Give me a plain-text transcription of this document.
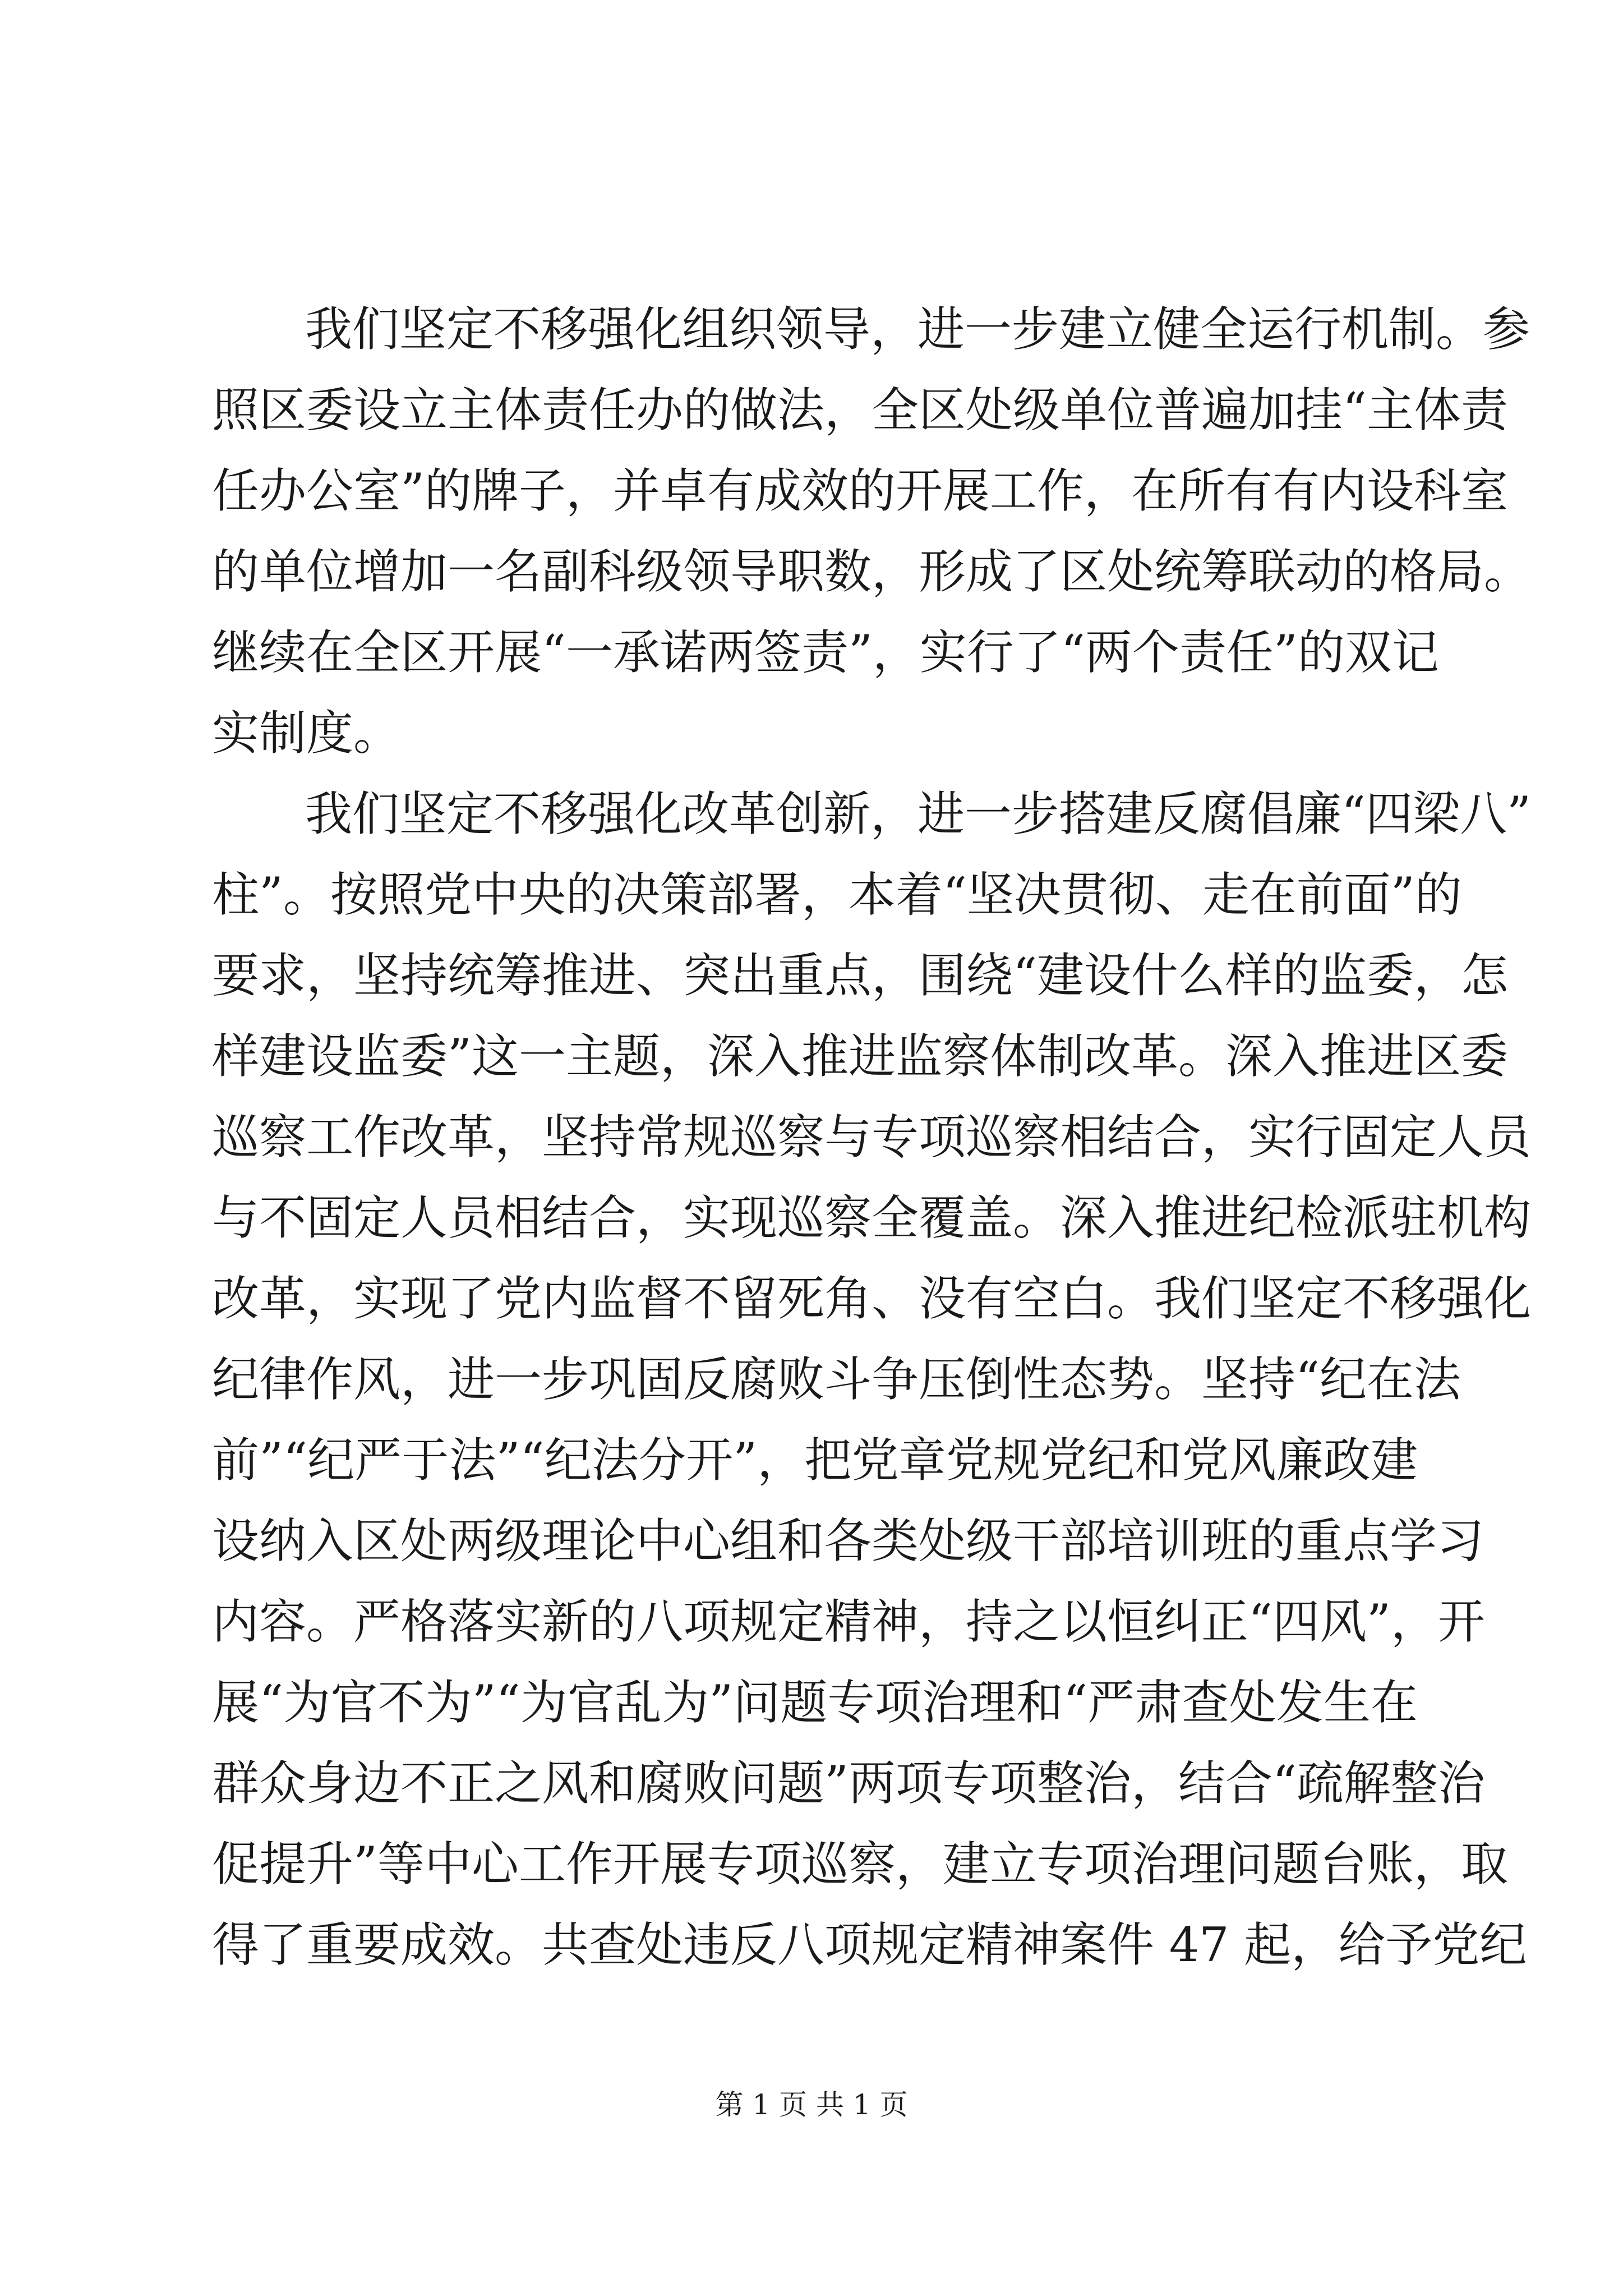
我们坚定不移强化组织领导，进一步建立健全运行机制。参
照区委设立主体责任办的做法，全区处级单位普遍加挂“主体责
任办公室”的牌子，并卓有成效的开展工作，在所有有内设科室
的单位增加一名副科级领导职数，形成了区处统筹联动的格局。
继续在全区开展“一承诺两签责”，实行了“两个责任”的双记
实制度。
我们坚定不移强化改革创新，进一步搭建反腐倡廉“四梁八”
柱”。按照党中央的决策部署，本着“坚决贯彻、走在前面”的
要求，坚持统筹推进、突出重点，围绕“建设什么样的监委，怎
样建设监委”这一主题，深入推进监察体制改革。深入推进区委
巡察工作改革，坚持常规巡察与专项巡察相结合，实行固定人员
与不固定人员相结合，实现巡察全覆盖。深入推进纪检派驻机构
改革，实现了党内监督不留死角、没有空白。我们坚定不移强化
纪律作风，进一步巩固反腐败斗争压倒性态势。坚持“纪在法
前”“纪严于法”“纪法分开”，把党章党规党纪和党风廉政建
设纳入区处两级理论中心组和各类处级干部培训班的重点学习
内容。严格落实新的八项规定精神，持之以恒纠正“四风”，开
展“为官不为”“为官乱为”问题专项治理和“严肃查处发生在
群众身边不正之风和腐败问题”两项专项整治，结合“疏解整治
促提升”等中心工作开展专项巡察，建立专项治理问题台账，取
得了重要成效。共查处违反八项规定精神案件 47 起，给予党纪
第 1 页 共 1 页
